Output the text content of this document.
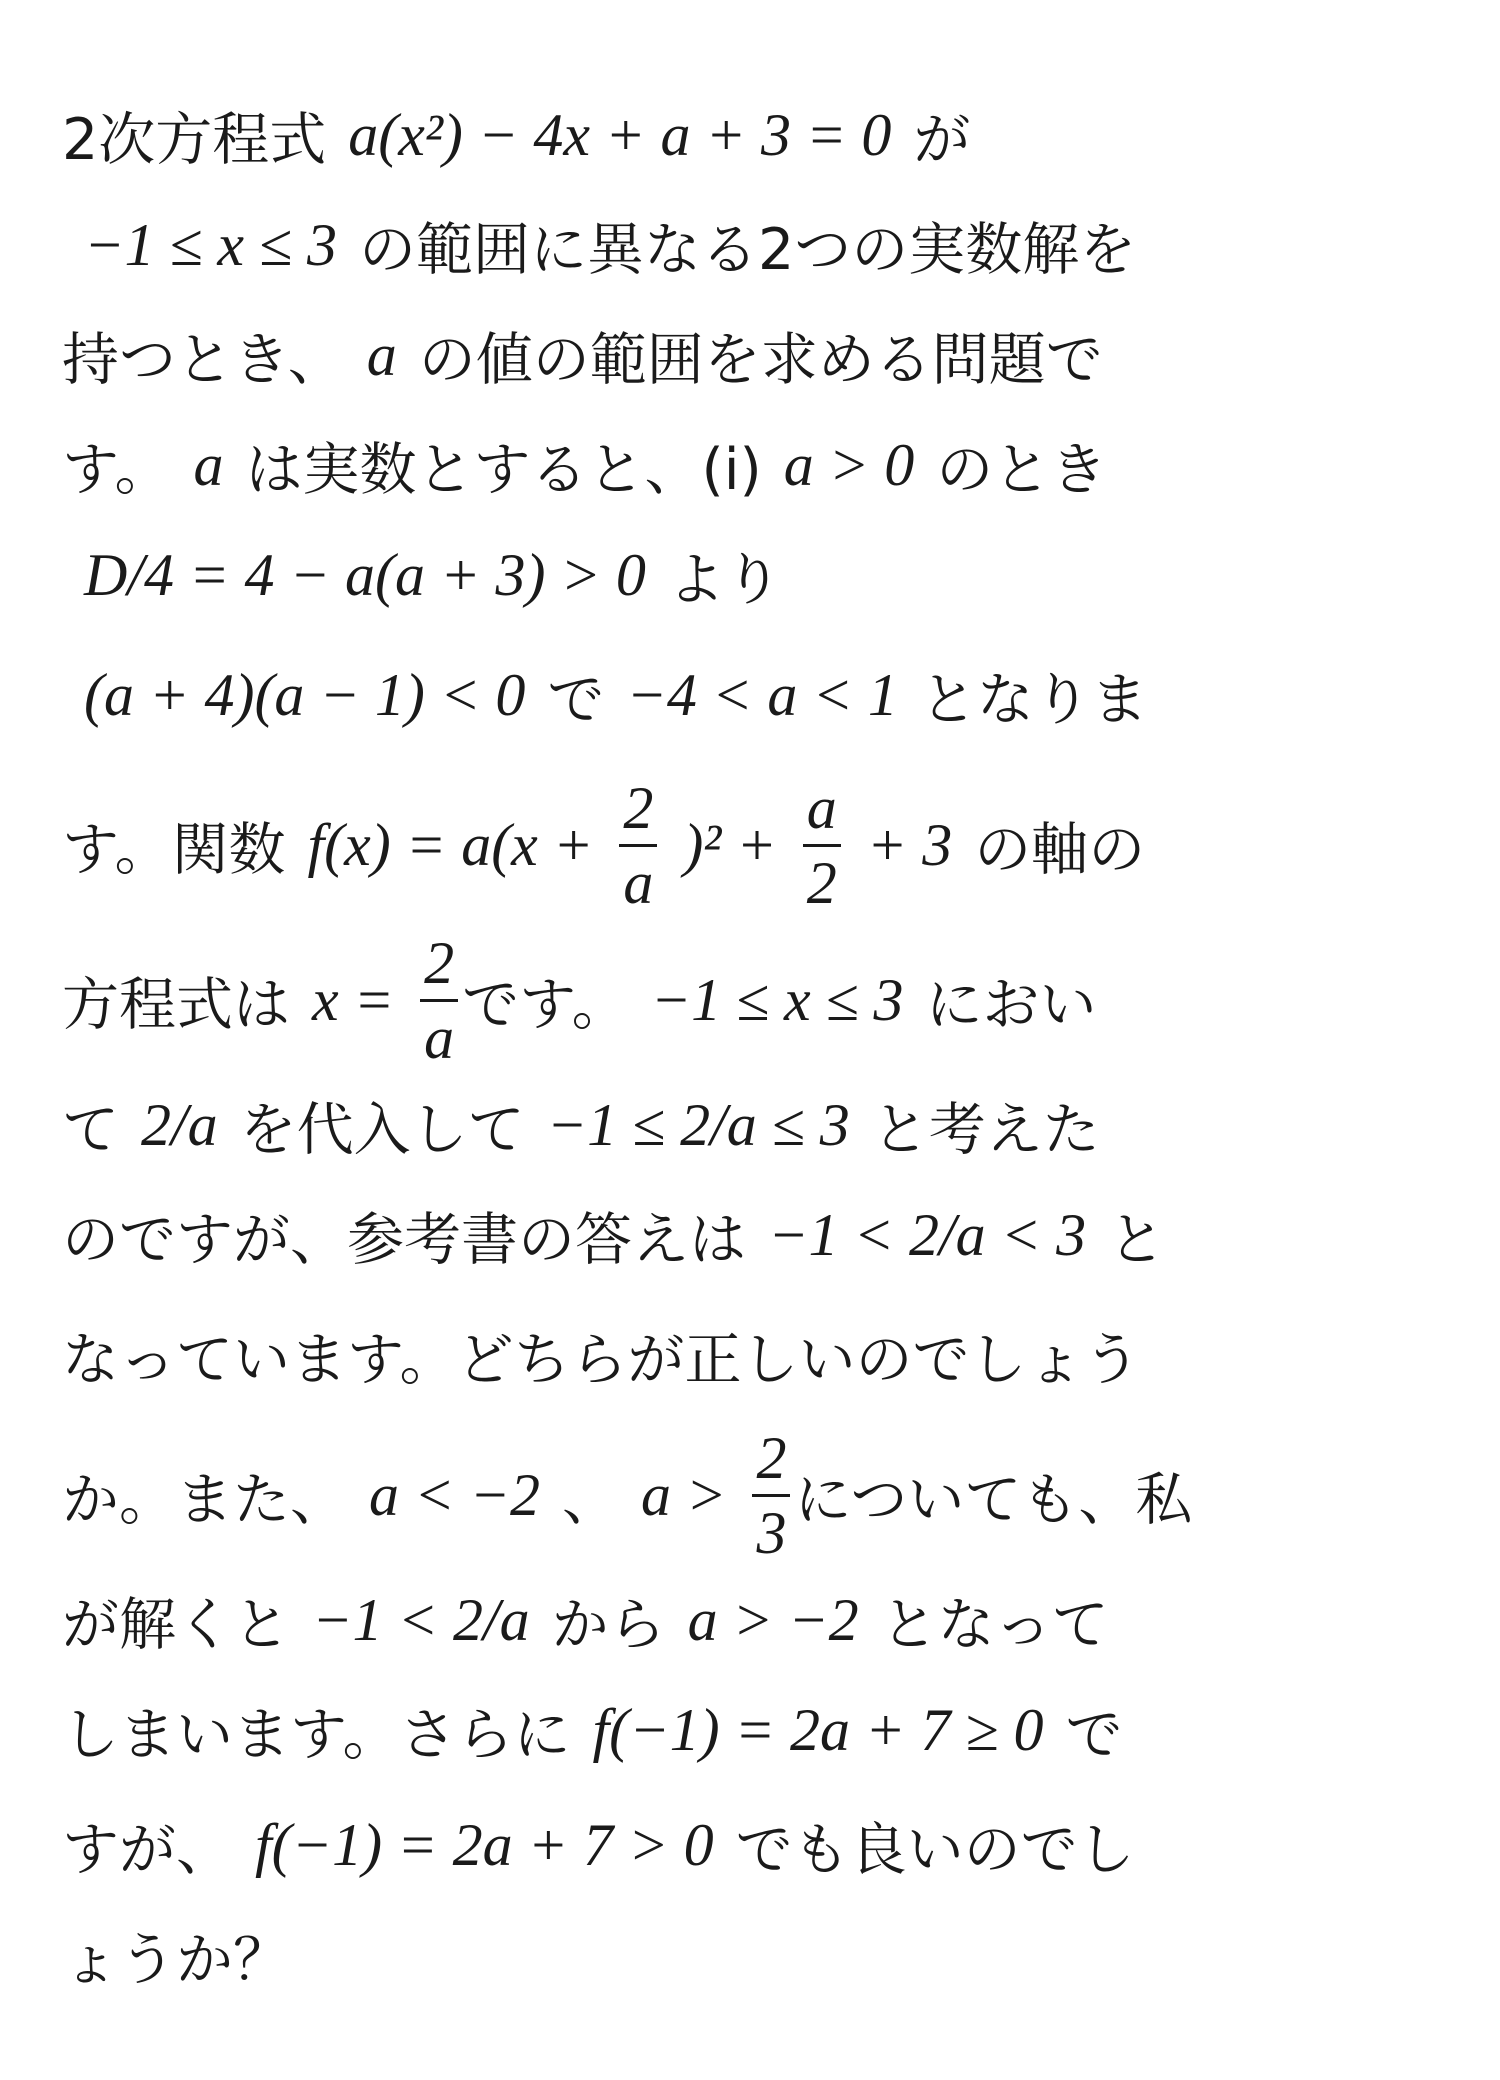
2次方程式 a(x²) − 4x + a + 3 = 0 が
−1 ≤ x ≤ 3 の範囲に異なる2つの実数解を
持つとき、 a の値の範囲を求める問題で
す。 a は実数とすると、(i) a > 0 のとき
D/4 = 4 − a(a + 3) > 0 より
(a + 4)(a − 1) < 0 で −4 < a < 1 となりま
す。関数 $f(x) = a(x + \frac{2}{a} )^2 + \frac{a}{2} + 3$ の軸の
方程式は $x = \frac{2}{a}$ です。 −1 ≤ x ≤ 3 におい
て 2/a を代入して −1 ≤ 2/a ≤ 3 と考えた
のですが、参考書の答えは −1 < 2/a < 3 と
なっています。どちらが正しいのでしょう
か。また、 a < −2 、 $a > \frac{2}{3}$ についても、私
が解くと −1 < 2/a から a > −2 となって
しまいます。さらに f(−1) = 2a + 7 ≥ 0 で
すが、 f(−1) = 2a + 7 > 0 でも良いのでし
ょうか？
